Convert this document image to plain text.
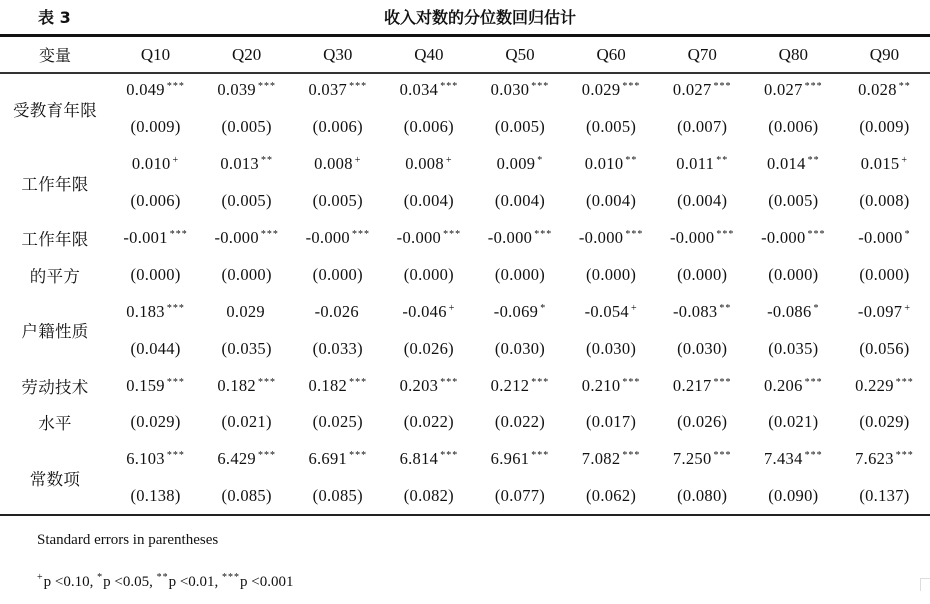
表 3	收入对数的分位数回归估计
变量	Q10	Q20	Q30	Q40	Q50	Q60	Q70	Q80	Q90
受教育年限	0.049 ***	0.039 ***	0.037 ***	0.034 ***	0.030 ***	0.029 ***	0.027 ***	0.027 ***	0.028 **
	(0.009)	(0.005)	(0.006)	(0.006)	(0.005)	(0.005)	(0.007)	(0.006)	(0.009)
工作年限	0.010 +	0.013 **	0.008 +	0.008 +	0.009 *	0.010 **	0.011 **	0.014 **	0.015 +
	(0.006)	(0.005)	(0.005)	(0.004)	(0.004)	(0.004)	(0.004)	(0.005)	(0.008)
工作年限	-0.001 ***	-0.000 ***	-0.000 ***	-0.000 ***	-0.000 ***	-0.000 ***	-0.000 ***	-0.000 ***	-0.000 *
的平方	(0.000)	(0.000)	(0.000)	(0.000)	(0.000)	(0.000)	(0.000)	(0.000)	(0.000)
户籍性质	0.183 ***	0.029	-0.026	-0.046 +	-0.069 *	-0.054 +	-0.083 **	-0.086 *	-0.097 +
	(0.044)	(0.035)	(0.033)	(0.026)	(0.030)	(0.030)	(0.030)	(0.035)	(0.056)
劳动技术	0.159 ***	0.182 ***	0.182 ***	0.203 ***	0.212 ***	0.210 ***	0.217 ***	0.206 ***	0.229 ***
水平	(0.029)	(0.021)	(0.025)	(0.022)	(0.022)	(0.017)	(0.026)	(0.021)	(0.029)
常数项	6.103 ***	6.429 ***	6.691 ***	6.814 ***	6.961 ***	7.082 ***	7.250 ***	7.434 ***	7.623 ***
	(0.138)	(0.085)	(0.085)	(0.082)	(0.077)	(0.062)	(0.080)	(0.090)	(0.137)
Standard errors in parentheses
+p <0.10, *p <0.05, **p <0.01, ***p <0.001
